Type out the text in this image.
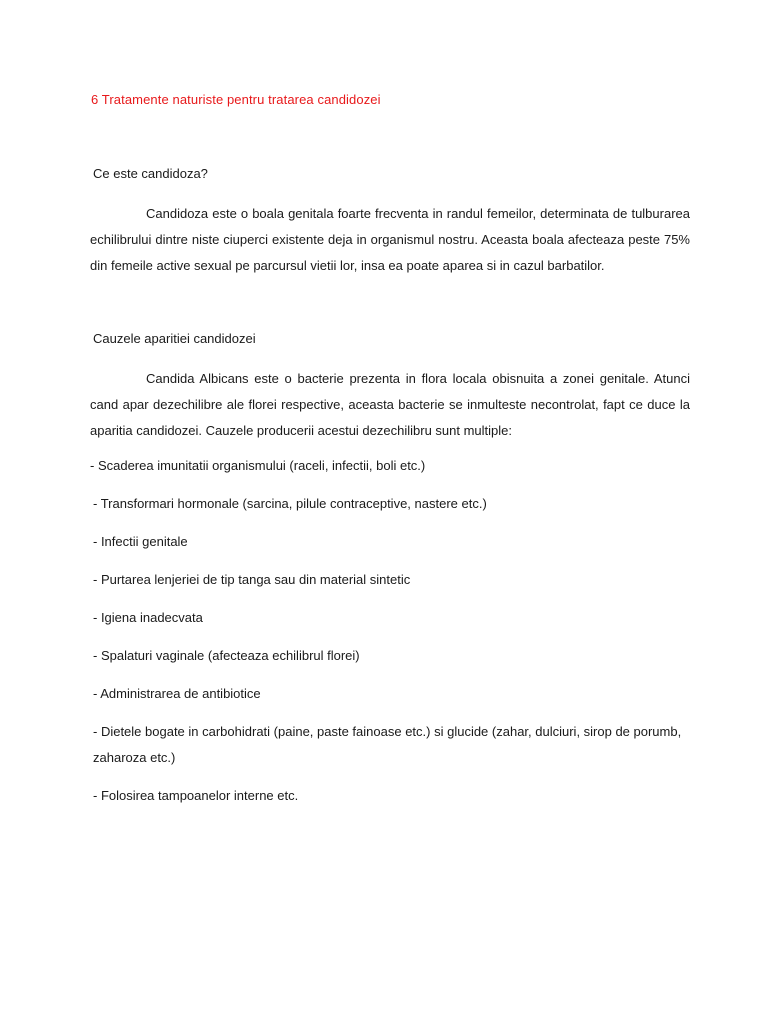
6 Tratamente naturiste pentru tratarea candidozei
Ce este candidoza?

Candidoza este o boala genitala foarte frecventa in randul femeilor, determinata de tulburarea echilibrului dintre niste ciuperci existente deja in organismul nostru. Aceasta boala afecteaza peste 75% din femeile active sexual pe parcursul vietii lor, insa ea poate aparea si in cazul barbatilor.

Cauzele aparitiei candidozei

Candida Albicans este o bacterie prezenta in flora locala obisnuita a zonei genitale. Atunci cand apar dezechilibre ale florei respective, aceasta bacterie se inmulteste necontrolat, fapt ce duce la aparitia candidozei. Cauzele producerii acestui dezechilibru sunt multiple:

- Scaderea imunitatii organismului (raceli, infectii, boli etc.)
- Transformari hormonale (sarcina, pilule contraceptive, nastere etc.)
- Infectii genitale
- Purtarea lenjeriei de tip tanga sau din material sintetic
- Igiena inadecvata
- Spalaturi vaginale (afecteaza echilibrul florei)
- Administrarea de antibiotice
- Dietele bogate in carbohidrati (paine, paste fainoase etc.) si glucide (zahar, dulciuri, sirop de porumb, zaharoza etc.)
- Folosirea tampoanelor interne etc.
